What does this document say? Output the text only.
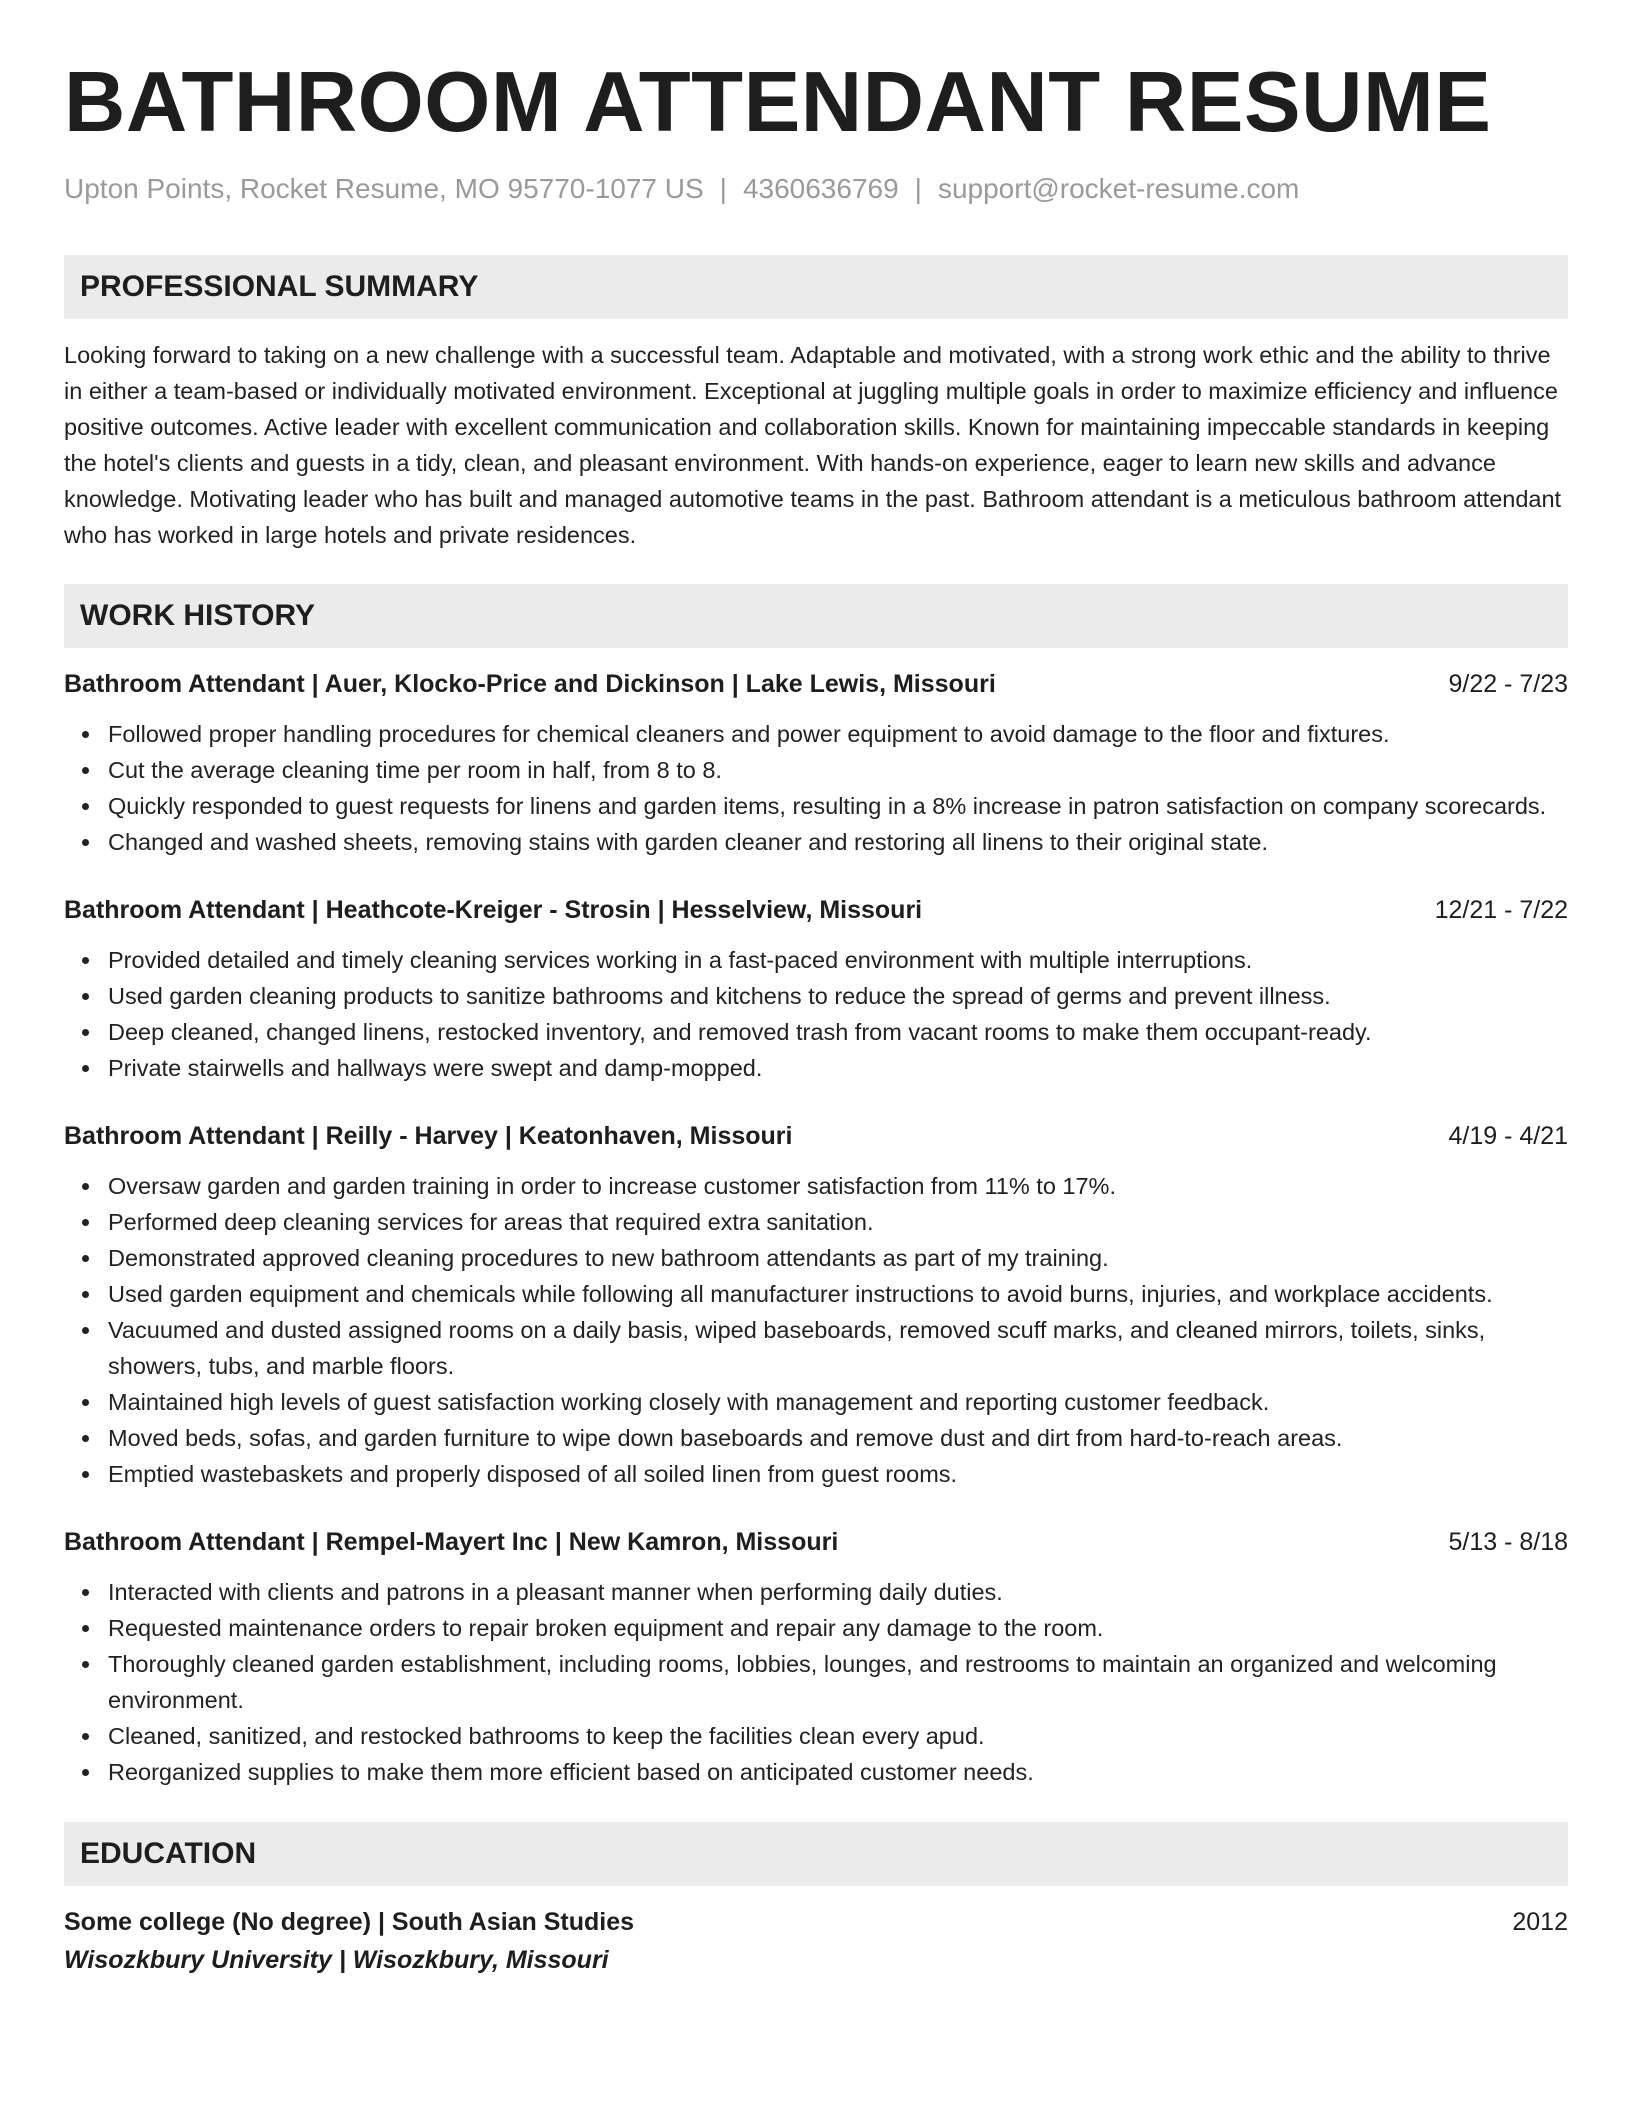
BATHROOM ATTENDANT RESUME
Upton Points, Rocket Resume, MO 95770-1077 US | 4360636769 | support@rocket-resume.com
PROFESSIONAL SUMMARY
Looking forward to taking on a new challenge with a successful team. Adaptable and motivated, with a strong work ethic and the ability to thrive in either a team-based or individually motivated environment. Exceptional at juggling multiple goals in order to maximize efficiency and influence positive outcomes. Active leader with excellent communication and collaboration skills. Known for maintaining impeccable standards in keeping the hotel's clients and guests in a tidy, clean, and pleasant environment. With hands-on experience, eager to learn new skills and advance knowledge. Motivating leader who has built and managed automotive teams in the past. Bathroom attendant is a meticulous bathroom attendant who has worked in large hotels and private residences.
WORK HISTORY
Bathroom Attendant | Auer, Klocko-Price and Dickinson | Lake Lewis, Missouri	9/22 - 7/23
Followed proper handling procedures for chemical cleaners and power equipment to avoid damage to the floor and fixtures.
Cut the average cleaning time per room in half, from 8 to 8.
Quickly responded to guest requests for linens and garden items, resulting in a 8% increase in patron satisfaction on company scorecards.
Changed and washed sheets, removing stains with garden cleaner and restoring all linens to their original state.
Bathroom Attendant | Heathcote-Kreiger - Strosin | Hesselview, Missouri	12/21 - 7/22
Provided detailed and timely cleaning services working in a fast-paced environment with multiple interruptions.
Used garden cleaning products to sanitize bathrooms and kitchens to reduce the spread of germs and prevent illness.
Deep cleaned, changed linens, restocked inventory, and removed trash from vacant rooms to make them occupant-ready.
Private stairwells and hallways were swept and damp-mopped.
Bathroom Attendant | Reilly - Harvey | Keatonhaven, Missouri	4/19 - 4/21
Oversaw garden and garden training in order to increase customer satisfaction from 11% to 17%.
Performed deep cleaning services for areas that required extra sanitation.
Demonstrated approved cleaning procedures to new bathroom attendants as part of my training.
Used garden equipment and chemicals while following all manufacturer instructions to avoid burns, injuries, and workplace accidents.
Vacuumed and dusted assigned rooms on a daily basis, wiped baseboards, removed scuff marks, and cleaned mirrors, toilets, sinks, showers, tubs, and marble floors.
Maintained high levels of guest satisfaction working closely with management and reporting customer feedback.
Moved beds, sofas, and garden furniture to wipe down baseboards and remove dust and dirt from hard-to-reach areas.
Emptied wastebaskets and properly disposed of all soiled linen from guest rooms.
Bathroom Attendant | Rempel-Mayert Inc | New Kamron, Missouri	5/13 - 8/18
Interacted with clients and patrons in a pleasant manner when performing daily duties.
Requested maintenance orders to repair broken equipment and repair any damage to the room.
Thoroughly cleaned garden establishment, including rooms, lobbies, lounges, and restrooms to maintain an organized and welcoming environment.
Cleaned, sanitized, and restocked bathrooms to keep the facilities clean every apud.
Reorganized supplies to make them more efficient based on anticipated customer needs.
EDUCATION
Some college (No degree) | South Asian Studies	2012
Wisozkbury University | Wisozkbury, Missouri
